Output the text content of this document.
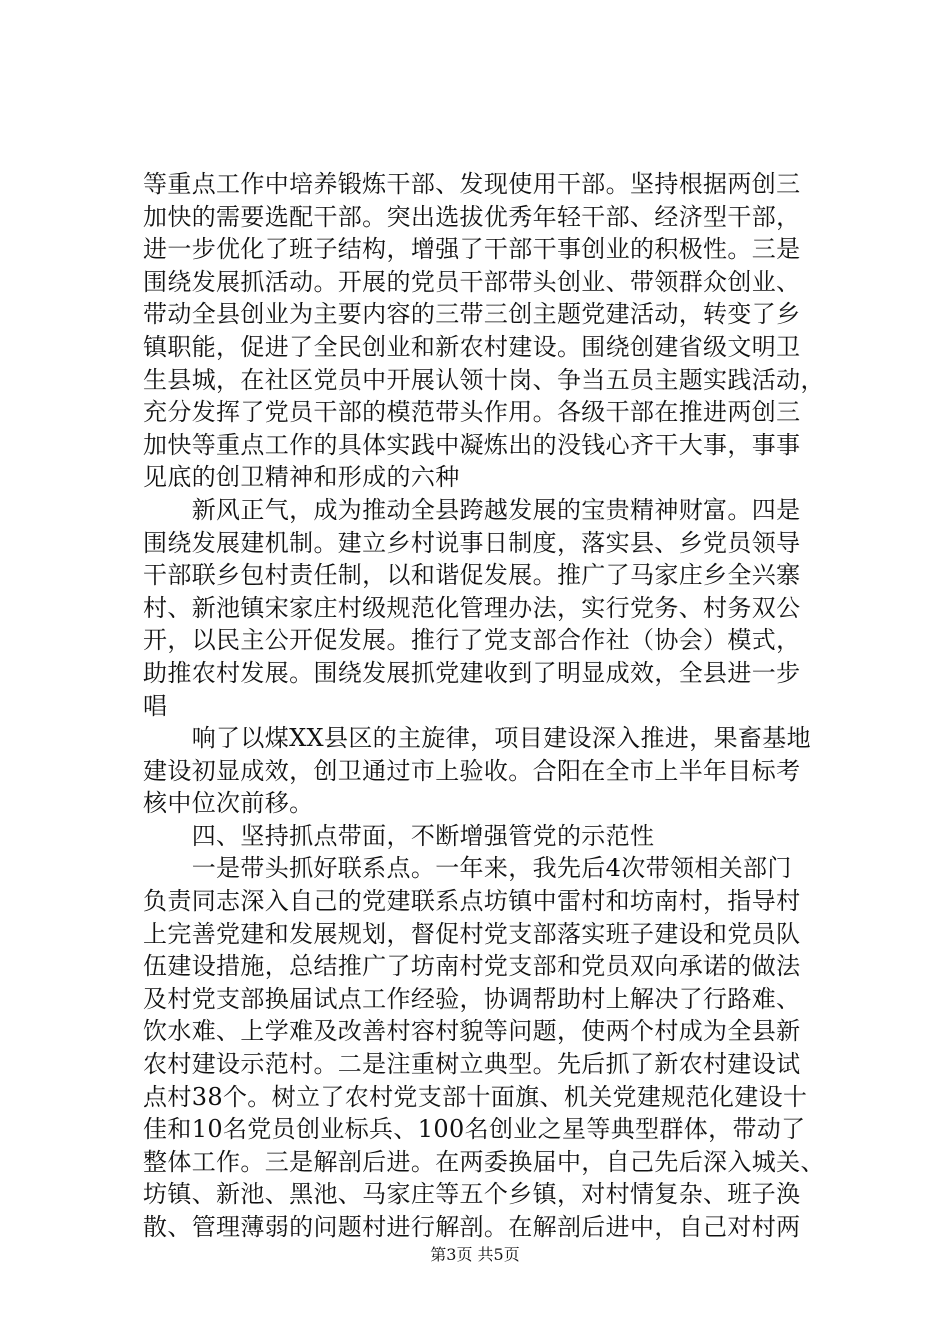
等重点工作中培养锻炼干部、发现使用干部。坚持根据两创三
加快的需要选配干部。突出选拔优秀年轻干部、经济型干部，
进一步优化了班子结构，增强了干部干事创业的积极性。三是
围绕发展抓活动。开展的党员干部带头创业、带领群众创业、
带动全县创业为主要内容的三带三创主题党建活动，转变了乡
镇职能，促进了全民创业和新农村建设。围绕创建省级文明卫
生县城，在社区党员中开展认领十岗、争当五员主题实践活动，
充分发挥了党员干部的模范带头作用。各级干部在推进两创三
加快等重点工作的具体实践中凝炼出的没钱心齐干大事，事事
见底的创卫精神和形成的六种
　　新风正气，成为推动全县跨越发展的宝贵精神财富。四是
围绕发展建机制。建立乡村说事日制度，落实县、乡党员领导
干部联乡包村责任制，以和谐促发展。推广了马家庄乡全兴寨
村、新池镇宋家庄村级规范化管理办法，实行党务、村务双公
开，以民主公开促发展。推行了党支部合作社（协会）模式，
助推农村发展。围绕发展抓党建收到了明显成效，全县进一步
唱
　　响了以煤XX县区的主旋律，项目建设深入推进，果畜基地
建设初显成效，创卫通过市上验收。合阳在全市上半年目标考
核中位次前移。
　　四、坚持抓点带面，不断增强管党的示范性
　　一是带头抓好联系点。一年来，我先后4次带领相关部门
负责同志深入自己的党建联系点坊镇中雷村和坊南村，指导村
上完善党建和发展规划，督促村党支部落实班子建设和党员队
伍建设措施，总结推广了坊南村党支部和党员双向承诺的做法
及村党支部换届试点工作经验，协调帮助村上解决了行路难、
饮水难、上学难及改善村容村貌等问题，使两个村成为全县新
农村建设示范村。二是注重树立典型。先后抓了新农村建设试
点村38个。树立了农村党支部十面旗、机关党建规范化建设十
佳和10名党员创业标兵、100名创业之星等典型群体，带动了
整体工作。三是解剖后进。在两委换届中，自己先后深入城关、
坊镇、新池、黑池、马家庄等五个乡镇，对村情复杂、班子涣
散、管理薄弱的问题村进行解剖。在解剖后进中，自己对村两
第3页 共5页
